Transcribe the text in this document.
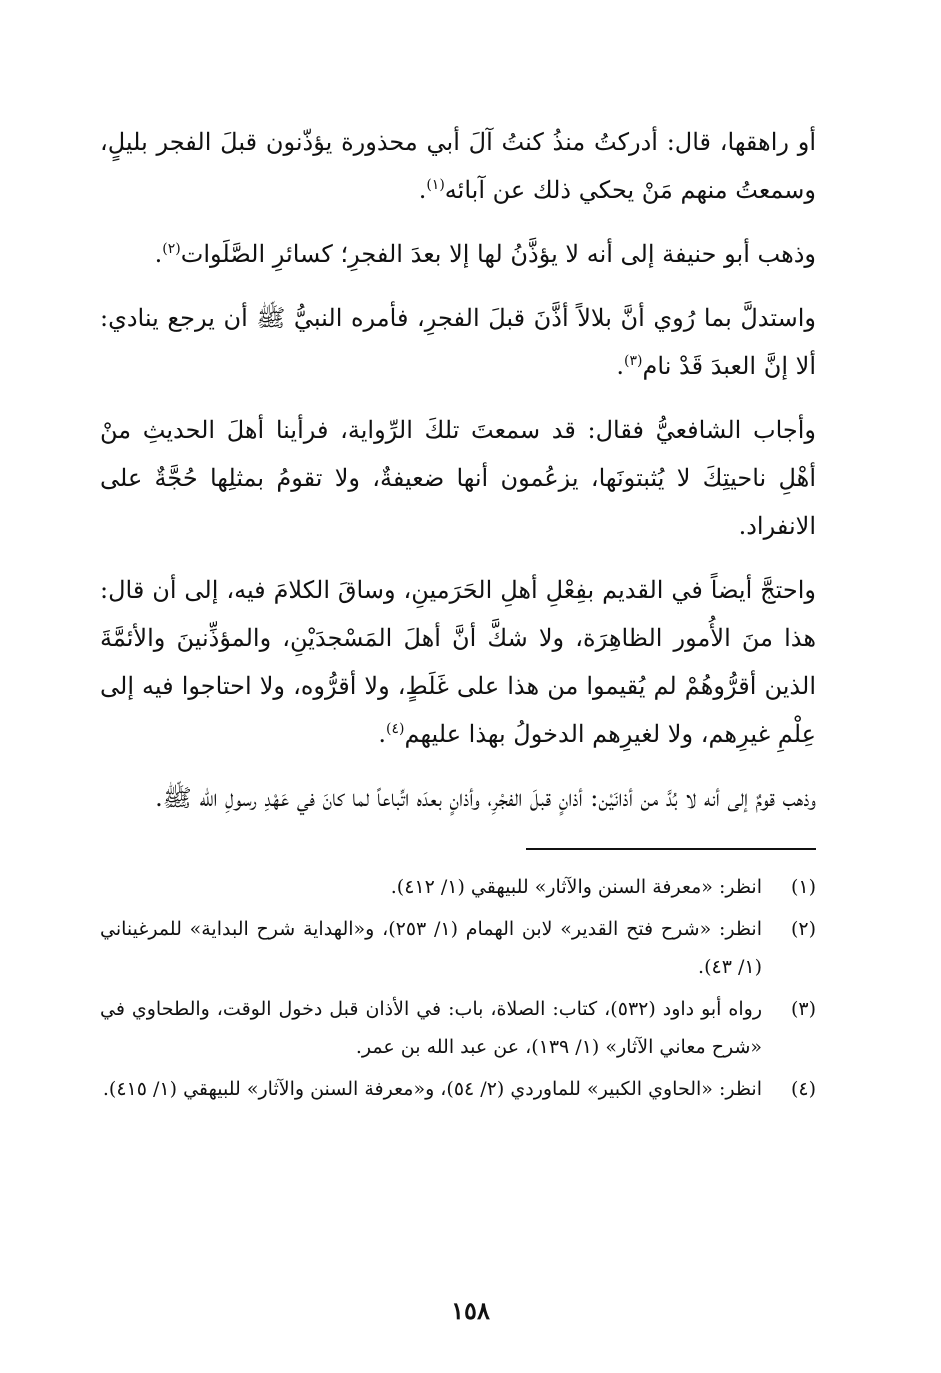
أو راهقها، قال: أدركتُ منذُ كنتُ آلَ أبي محذورة يؤذّنون قبلَ الفجر بليلٍ، وسمعتُ منهم مَنْ يحكي ذلك عن آبائه$^{(١)}$.

وذهب أبو حنيفة إلى أنه لا يؤذَّنُ لها إلا بعدَ الفجرِ؛ كسائرِ الصَّلَوات$^{(٢)}$.

واستدلَّ بما رُوي أنَّ بلالاً أذَّنَ قبلَ الفجرِ، فأمره النبيُّ ﷺ أن يرجع ينادي: ألا إنَّ العبدَ قَدْ نام$^{(٣)}$.

وأجاب الشافعيُّ فقال: قد سمعتَ تلكَ الرِّواية، فرأينا أهلَ الحديثِ منْ أهْلِ ناحيتِكَ لا يُثبتونَها، يزعُمون أنها ضعيفةٌ، ولا تقومُ بمثلِها حُجَّةٌ على الانفراد.

واحتجَّ أيضاً في القديم بفِعْلِ أهلِ الحَرَمينِ، وساقَ الكلامَ فيه، إلى أن قال: هذا منَ الأُمور الظاهِرَة، ولا شكَّ أنَّ أهلَ المَسْجدَيْنِ، والمؤذِّنينَ والأئمَّةَ الذين أقرُّوهُمْ لم يُقيموا من هذا على غَلَطٍ، ولا أقرُّوه، ولا احتاجوا فيه إلى عِلْمِ غيرِهم، ولا لغيرِهم الدخولُ بهذا عليهم$^{(٤)}$.

وذهب قومٌ إلى أنه لا بُدَّ من أذانَيْن: أذانٍ قبلَ الفجْرِ، وأذانٍ بعدَه اتِّباعاً لما كانَ في عَهْدِ رسولِ الله ﷺ.

(١)
انظر: «معرفة السنن والآثار» للبيهقي (١/ ٤١٢).
(٢)
انظر: «شرح فتح القدير» لابن الهمام (١/ ٢٥٣)، و«الهداية شرح البداية» للمرغيناني (١/ ٤٣).
(٣)
رواه أبو داود (٥٣٢)، كتاب: الصلاة، باب: في الأذان قبل دخول الوقت، والطحاوي في «شرح معاني الآثار» (١/ ١٣٩)، عن عبد الله بن عمر.
(٤)
انظر: «الحاوي الكبير» للماوردي (٢/ ٥٤)، و«معرفة السنن والآثار» للبيهقي (١/ ٤١٥).
١٥٨
